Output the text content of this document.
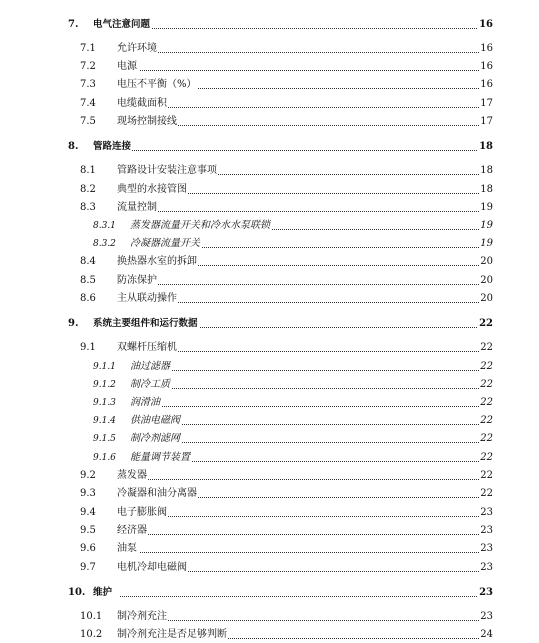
7. 电气注意问题	16
7.1 允许环境	16
7.2 电源	16
7.3 电压不平衡（%）	16
7.4 电缆截面积	17
7.5 现场控制接线	17
8. 管路连接	18
8.1 管路设计安装注意事项	18
8.2 典型的水接管图	18
8.3 流量控制	19
8.3.1 蒸发器流量开关和冷水水泵联锁	19
8.3.2 冷凝器流量开关	19
8.4 换热器水室的拆卸	20
8.5 防冻保护	20
8.6 主从联动操作	20
9. 系统主要组件和运行数据	22
9.1 双螺杆压缩机	22
9.1.1 油过滤器	22
9.1.2 制冷工质	22
9.1.3 润滑油	22
9.1.4 供油电磁阀	22
9.1.5 制冷剂滤网	22
9.1.6 能量调节装置	22
9.2 蒸发器	22
9.3 冷凝器和油分离器	22
9.4 电子膨胀阀	23
9.5 经济器	23
9.6 油泵	23
9.7 电机冷却电磁阀	23
10. 维护	23
10.1 制冷剂充注	23
10.2 制冷剂充注是否足够判断	24
